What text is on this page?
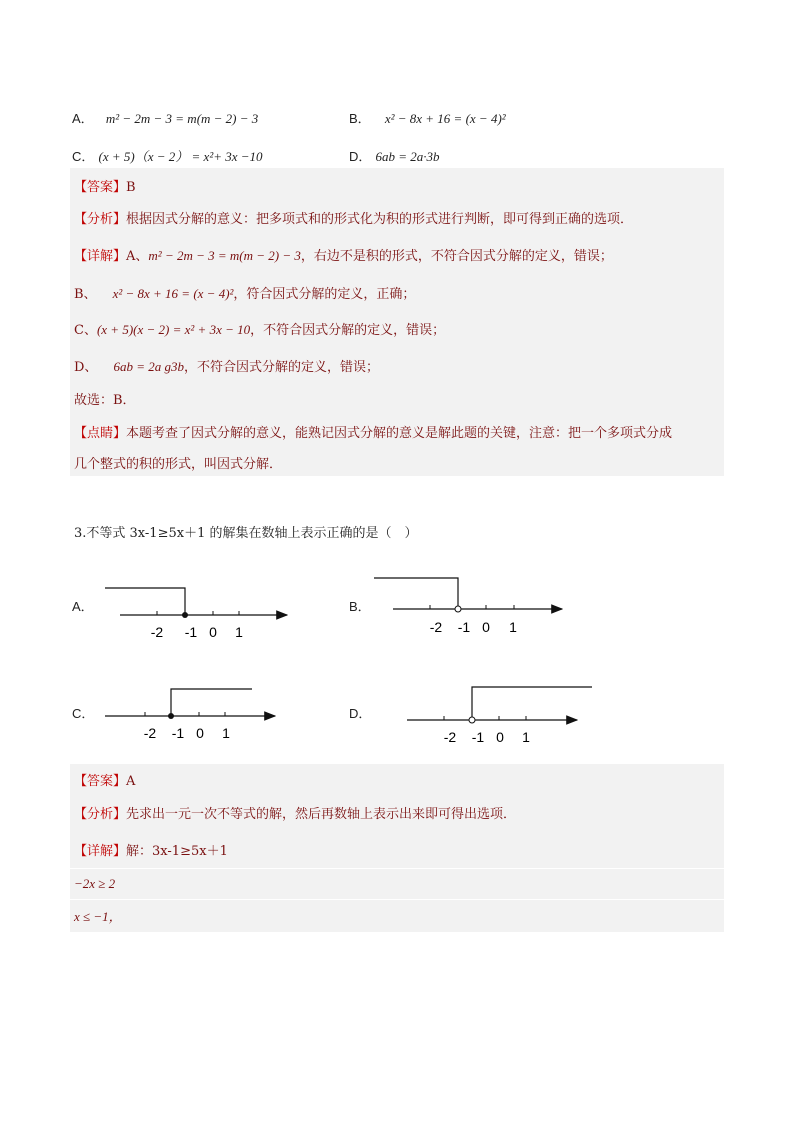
A． m² − 2m − 3 = m(m − 2) − 3	B． x² − 8x + 16 = (x − 4)²
C． (x + 5)（x − 2） = x²+ 3x −10	D． 6ab = 2a·3b
【答案】B
【分析】根据因式分解的意义：把多项式和的形式化为积的形式进行判断，即可得到正确的选项．
【详解】A、m² − 2m − 3 = m(m − 2) − 3，右边不是积的形式，不符合因式分解的定义，错误；
B、 x² − 8x + 16 = (x − 4)²，符合因式分解的定义，正确；
C、(x + 5)(x − 2) = x² + 3x − 10，不符合因式分解的定义，错误；
D、 6ab = 2a g3b，不符合因式分解的定义，错误；
故选：B．
【点睛】本题考查了因式分解的意义，能熟记因式分解的意义是解此题的关键，注意：把一个多项式分成
几个整式的积的形式，叫因式分解．
3.不等式 3x-1≥5x＋1 的解集在数轴上表示正确的是（　）
A．	B．
C．	D．
-2 -1 0 1	-2 -1 0 1
-2 -1 0 1	-2 -1 0 1
【答案】A
【分析】先求出一元一次不等式的解，然后再数轴上表示出来即可得出选项．
【详解】解：3x-1≥5x＋1
−2x ≥ 2
x ≤ −1，
